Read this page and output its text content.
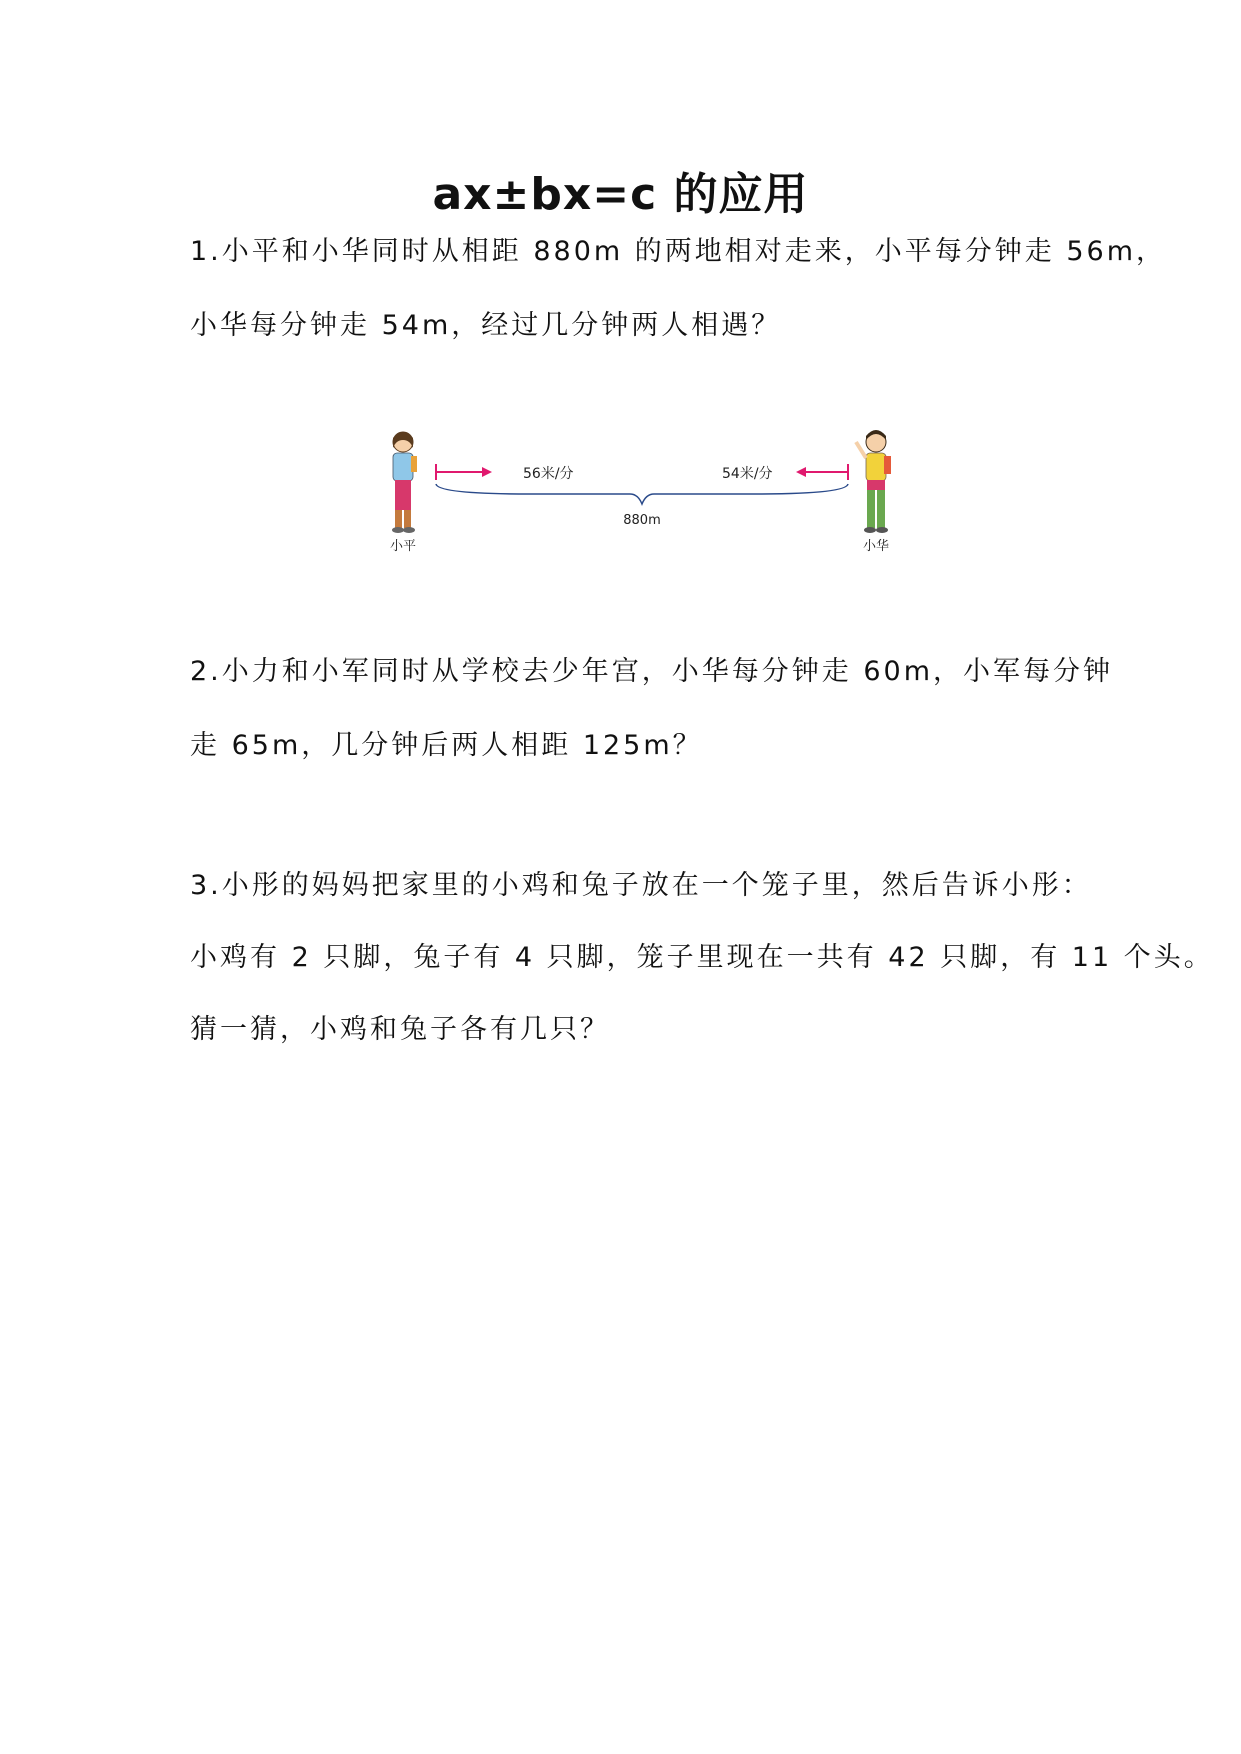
ax±bx=c 的应用
1.小平和小华同时从相距 880m 的两地相对走来，小平每分钟走 56m，
小华每分钟走 54m，经过几分钟两人相遇？
56米/分	54米/分
880m
小平	小华
2.小力和小军同时从学校去少年宫，小华每分钟走 60m，小军每分钟
走 65m，几分钟后两人相距 125m？
3.小彤的妈妈把家里的小鸡和兔子放在一个笼子里，然后告诉小彤：
小鸡有 2 只脚，兔子有 4 只脚，笼子里现在一共有 42 只脚，有 11 个头。
猜一猜，小鸡和兔子各有几只？
